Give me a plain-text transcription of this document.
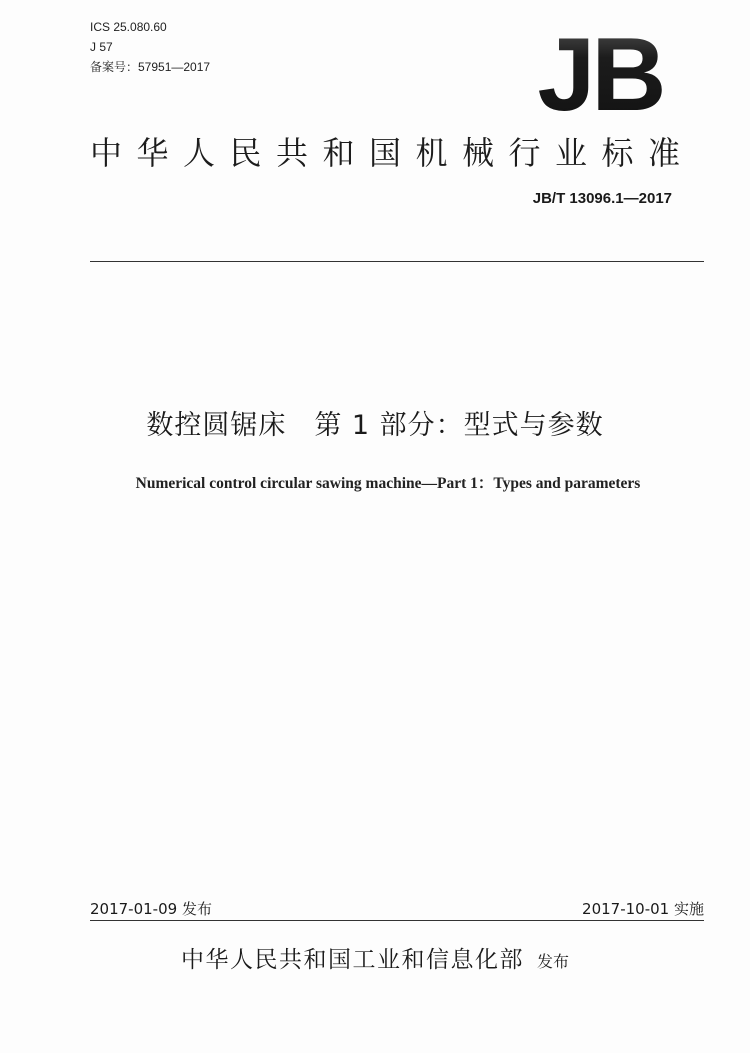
ICS 25.080.60
J 57
备案号：57951—2017	JB
中华人民共和国机械行业标准
JB/T 13096.1—2017
数控圆锯床　第 1 部分：型式与参数
Numerical control circular sawing machine—Part 1：Types and parameters
2017-01-09 发布	2017-10-01 实施
中华人民共和国工业和信息化部 发布
